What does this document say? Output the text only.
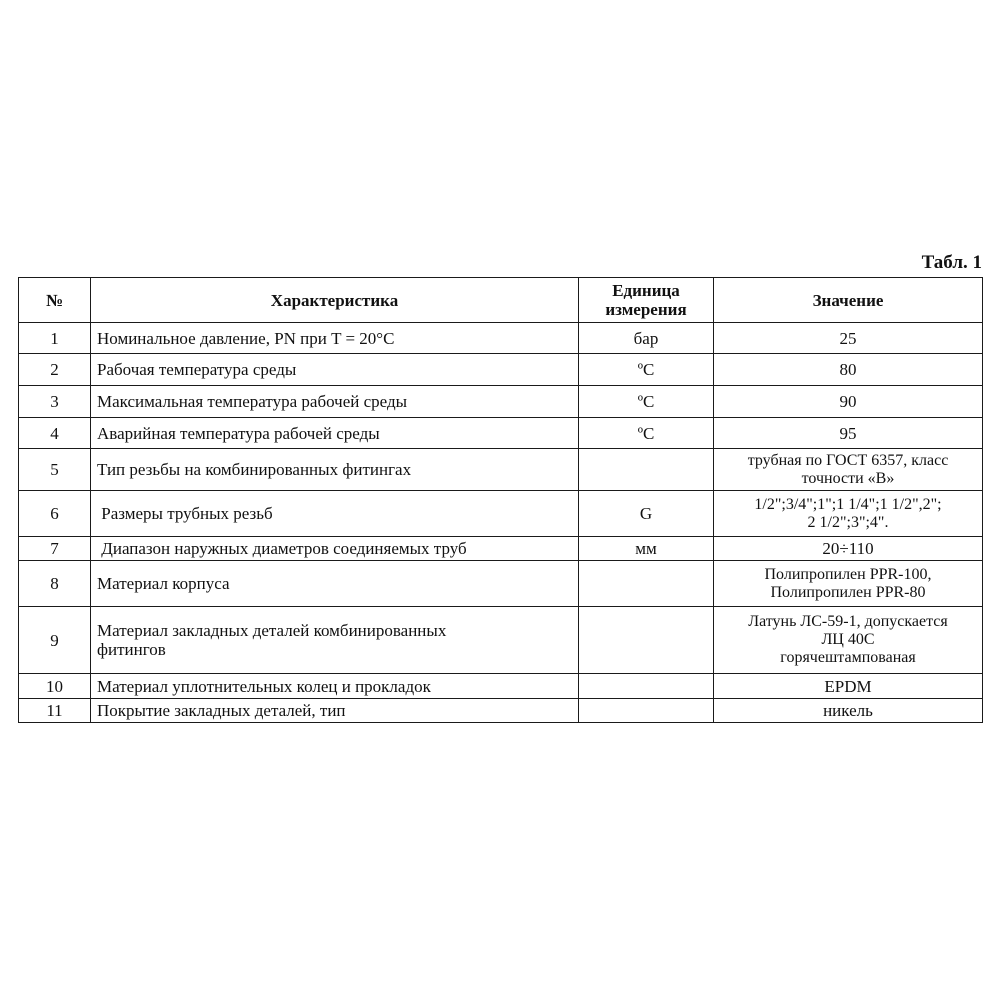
Табл. 1
№	Характеристика	Единица
измерения	Значение
1	Номинальное давление, PN при T = 20°C	бар	25
2	Рабочая температура среды	ºC	80
3	Максимальная температура рабочей среды	ºC	90
4	Аварийная температура рабочей среды	ºC	95
5	Тип резьбы на комбинированных фитингах		трубная по ГОСТ 6357, класс
точности «В»
6	Размеры трубных резьб	G	1/2";3/4";1";1 1/4";1 1/2",2";
2 1/2";3";4".
7	Диапазон наружных диаметров соединяемых труб	мм	20÷110
8	Материал корпуса		Полипропилен PPR-100,
Полипропилен PPR-80
9	Материал закладных деталей комбинированных
фитингов		Латунь ЛС-59-1, допускается
ЛЦ 40С
горячештампованая
10	Материал уплотнительных колец и прокладок		EPDM
11	Покрытие закладных деталей, тип		никель
